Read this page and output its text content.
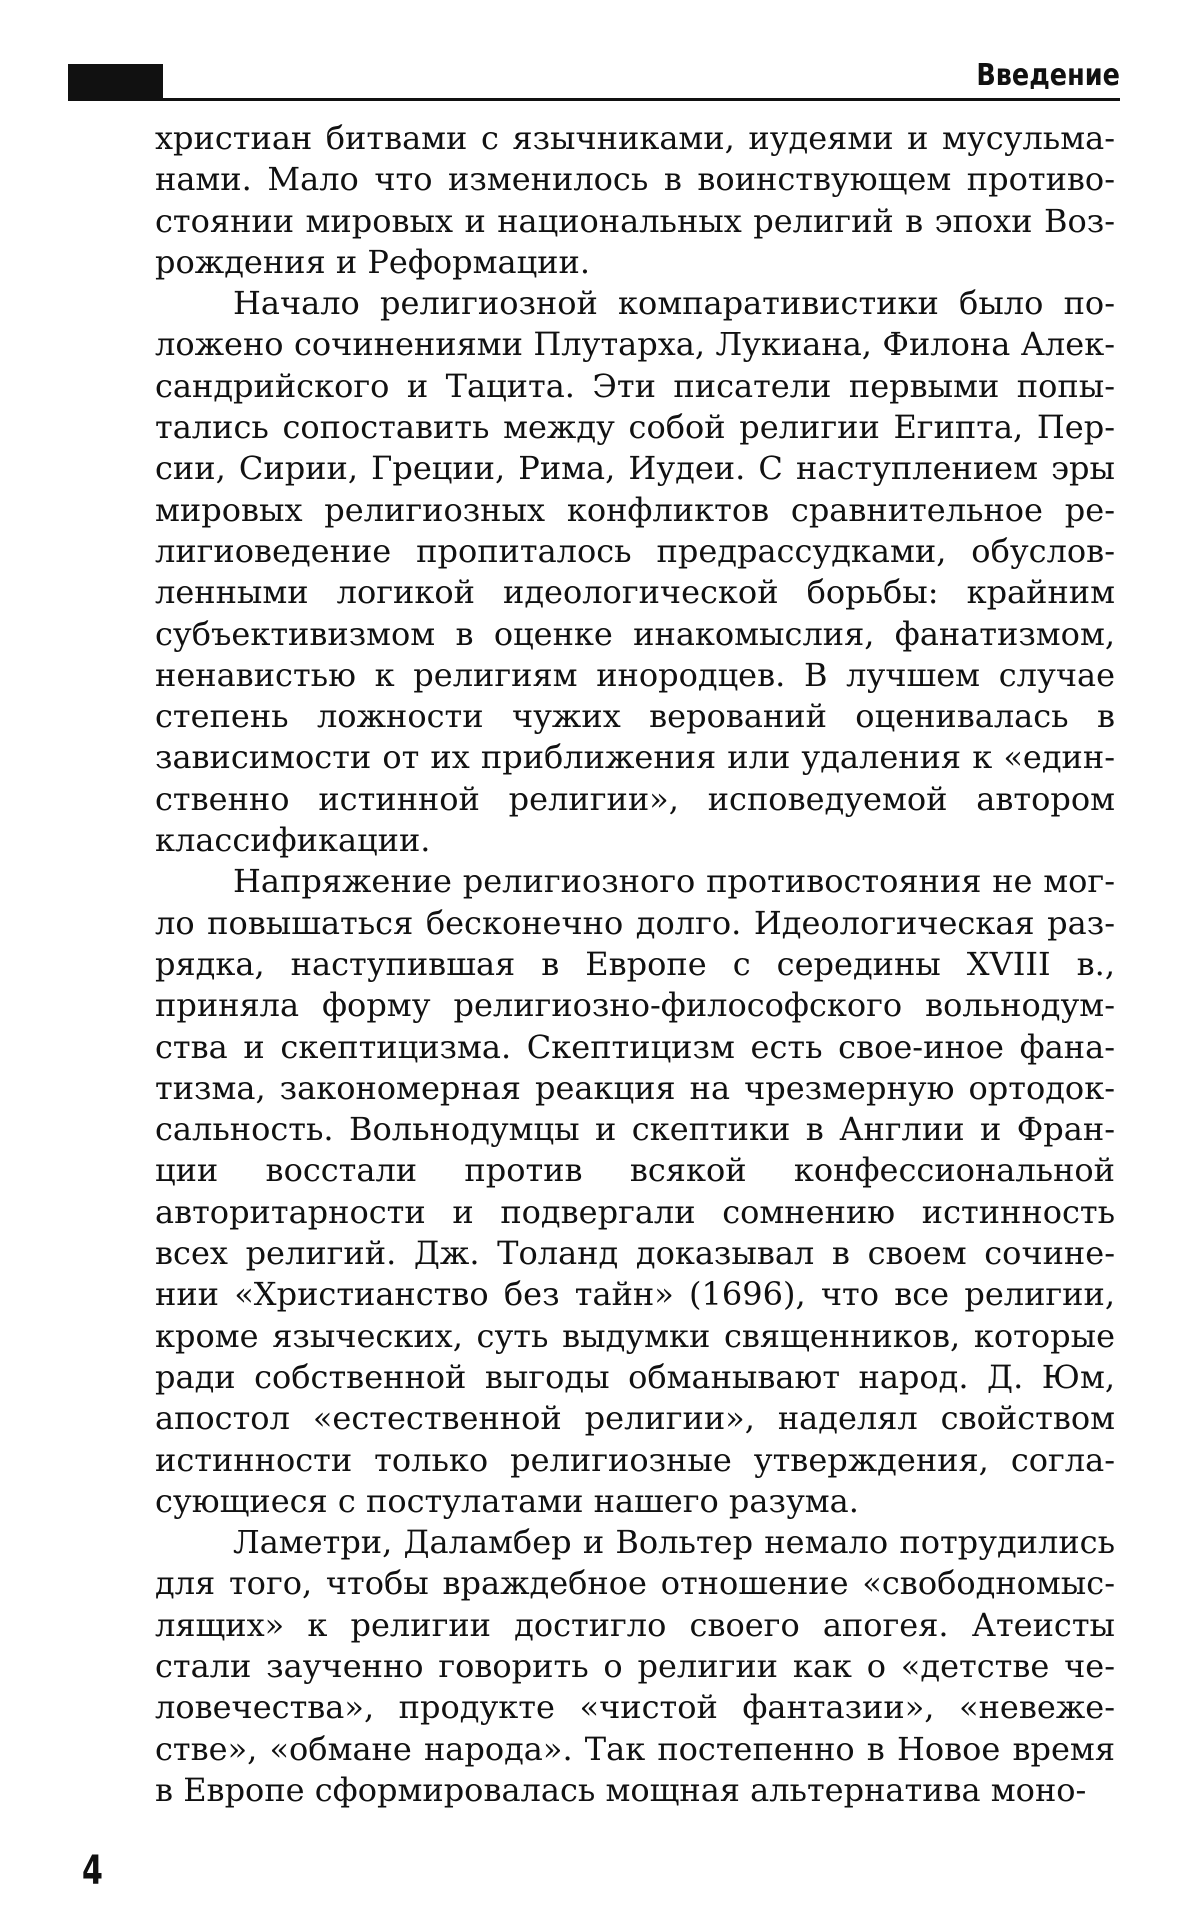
Введение
христиан битвами с язычниками, иудеями и мусульма-
нами. Мало что изменилось в воинствующем противо-
стоянии мировых и национальных религий в эпохи Воз-
рождения и Реформации.
Начало религиозной компаративистики было по-
ложено сочинениями Плутарха, Лукиана, Филона Алек-
сандрийского и Тацита. Эти писатели первыми попы-
тались сопоставить между собой религии Египта, Пер-
сии, Сирии, Греции, Рима, Иудеи. С наступлением эры
мировых религиозных конфликтов сравнительное ре-
лигиоведение пропиталось предрассудками, обуслов-
ленными логикой идеологической борьбы: крайним
субъективизмом в оценке инакомыслия, фанатизмом,
ненавистью к религиям инородцев. В лучшем случае
степень ложности чужих верований оценивалась в
зависимости от их приближения или удаления к «един-
ственно истинной религии», исповедуемой автором
классификации.
Напряжение религиозного противостояния не мог-
ло повышаться бесконечно долго. Идеологическая раз-
рядка, наступившая в Европе с середины XVIII в.,
приняла форму религиозно-философского вольнодум-
ства и скептицизма. Скептицизм есть свое-иное фана-
тизма, закономерная реакция на чрезмерную ортодок-
сальность. Вольнодумцы и скептики в Англии и Фран-
ции восстали против всякой конфессиональной
авторитарности и подвергали сомнению истинность
всех религий. Дж. Толанд доказывал в своем сочине-
нии «Христианство без тайн» (1696), что все религии,
кроме языческих, суть выдумки священников, которые
ради собственной выгоды обманывают народ. Д. Юм,
апостол «естественной религии», наделял свойством
истинности только религиозные утверждения, согла-
сующиеся с постулатами нашего разума.
Ламетри, Даламбер и Вольтер немало потрудились
для того, чтобы враждебное отношение «свободномыс-
лящих» к религии достигло своего апогея. Атеисты
стали заученно говорить о религии как о «детстве че-
ловечества», продукте «чистой фантазии», «невеже-
стве», «обмане народа». Так постепенно в Новое время
в Европе сформировалась мощная альтернатива моно-
4
